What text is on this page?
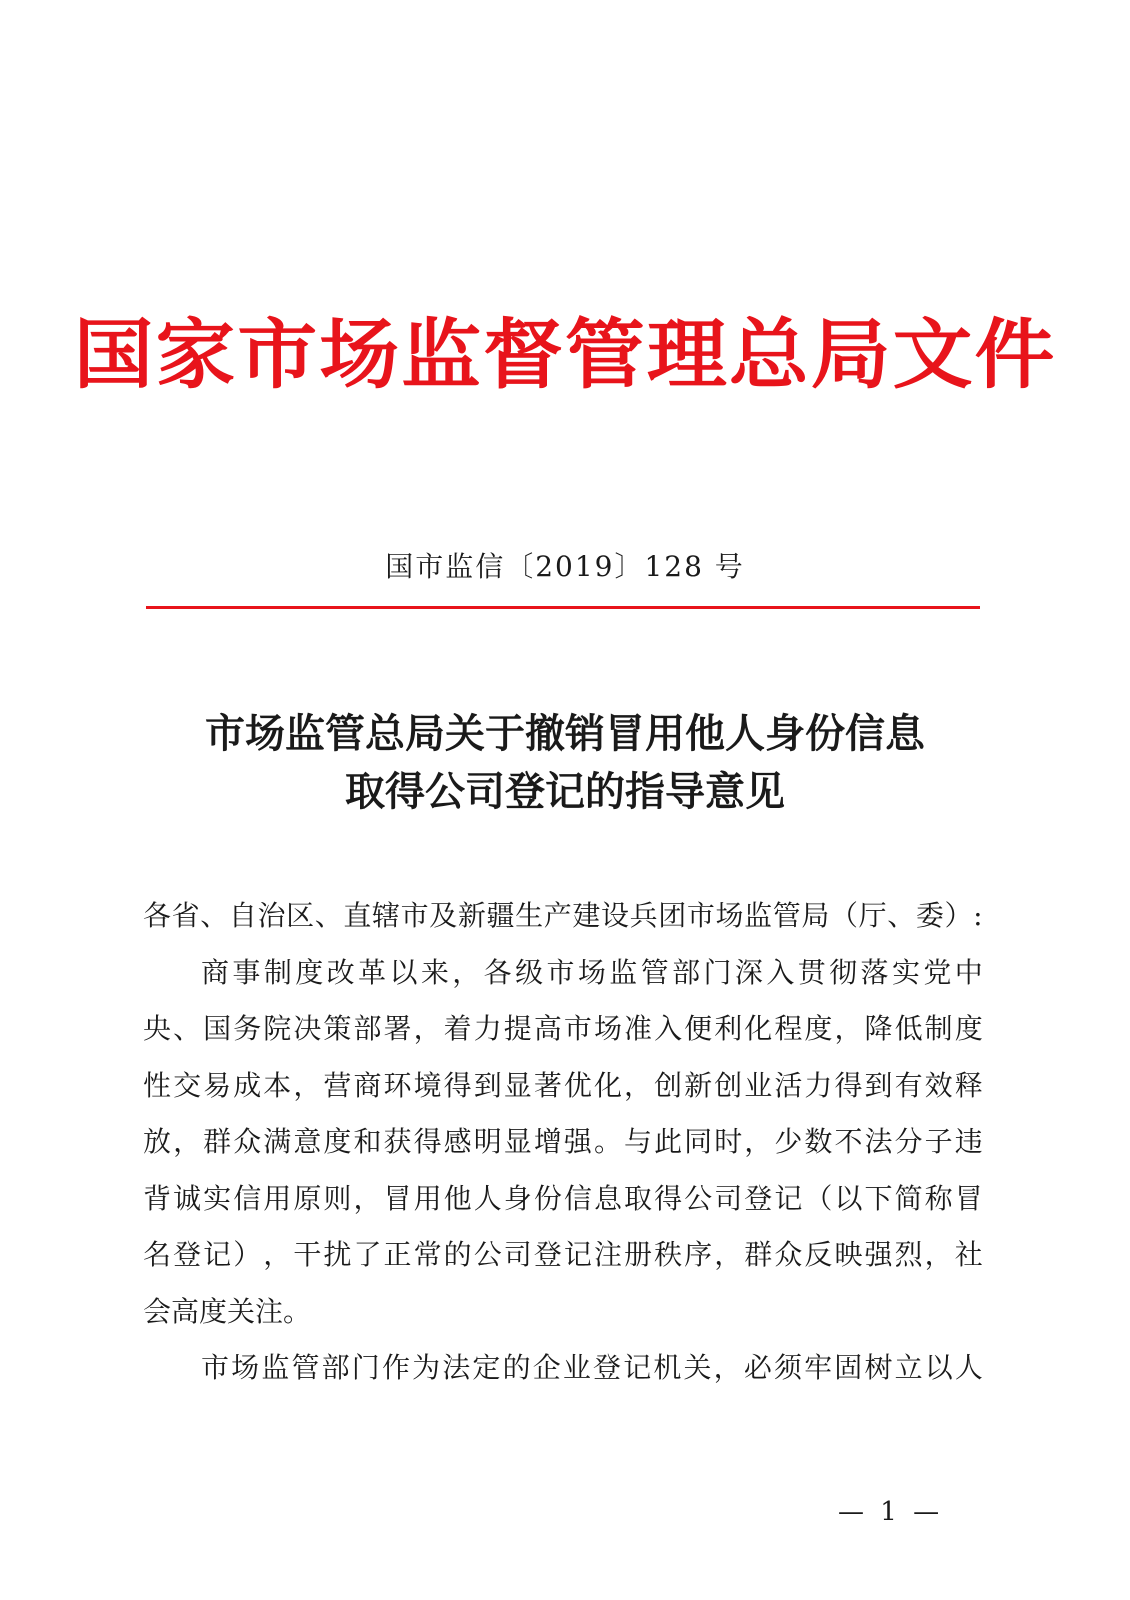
国家市场监督管理总局文件
国市监信〔2019〕128 号
市场监管总局关于撤销冒用他人身份信息
取得公司登记的指导意见
各 省 、 自 治 区 、 直 辖 市 及 新 疆 生 产 建 设 兵 团 市 场 监 管 局 （ 厅 、 委 ） :
商 事 制 度 改 革 以 来 ， 各 级 市 场 监 管 部 门 深 入 贯 彻 落 实 党 中
央 、 国 务 院 决 策 部 署 ， 着 力 提 高 市 场 准 入 便 利 化 程 度 ， 降 低 制 度
性 交 易 成 本 ， 营 商 环 境 得 到 显 著 优 化 ， 创 新 创 业 活 力 得 到 有 效 释
放 ， 群 众 满 意 度 和 获 得 感 明 显 增 强 。 与 此 同 时 ， 少 数 不 法 分 子 违
背 诚 实 信 用 原 则 ， 冒 用 他 人 身 份 信 息 取 得 公 司 登 记 （ 以 下 简 称 冒
名 登 记 ） ， 干 扰 了 正 常 的 公 司 登 记 注 册 秩 序 ， 群 众 反 映 强 烈 ， 社
会高度关注。
市 场 监 管 部 门 作 为 法 定 的 企 业 登 记 机 关 ， 必 须 牢 固 树 立 以 人
— 1 —
